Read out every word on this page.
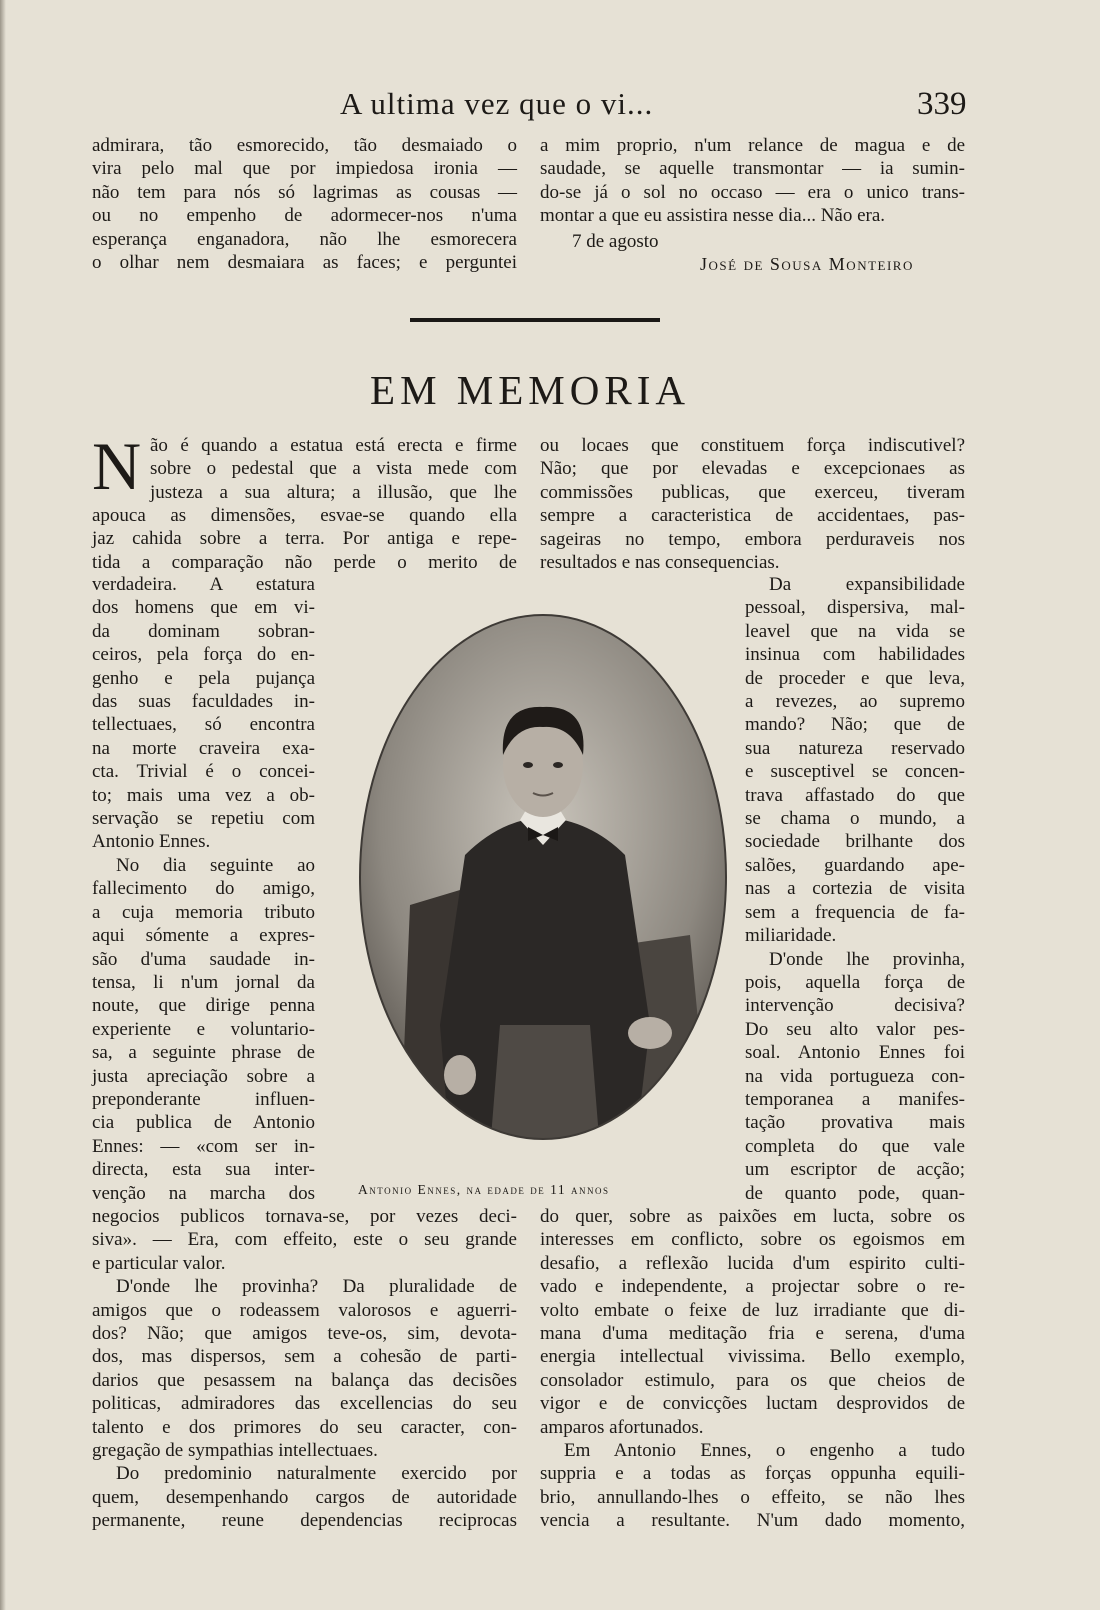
A ultima vez que o vi...	339
admirara, tão esmorecido, tão desmaiado o
vira pelo mal que por impiedosa ironia —
não tem para nós só lagrimas as cousas —
ou no empenho de adormecer-nos n'uma
esperança enganadora, não lhe esmorecera
o olhar nem desmaiara as faces; e perguntei
a mim proprio, n'um relance de magua e de
saudade, se aquelle transmontar — ia sumin-
do-se já o sol no occaso — era o unico trans-
montar a que eu assistira nesse dia... Não era.
7 de agosto
José de Sousa Monteiro
EM MEMORIA
N ão é quando a estatua está erecta e firme
sobre o pedestal que a vista mede com
justeza a sua altura; a illusão, que lhe
apouca as dimensões, esvae-se quando ella
jaz cahida sobre a terra. Por antiga e repe-
tida a comparação não perde o merito de
verdadeira. A estatura
dos homens que em vi-
da dominam sobran-
ceiros, pela força do en-
genho e pela pujança
das suas faculdades in-
tellectuaes, só encontra
na morte craveira exa-
cta. Trivial é o concei-
to; mais uma vez a ob-
servação se repetiu com
Antonio Ennes.
No dia seguinte ao
fallecimento do amigo,
a cuja memoria tributo
aqui sómente a expres-
são d'uma saudade in-
tensa, li n'um jornal da
noute, que dirige penna
experiente e voluntario-
sa, a seguinte phrase de
justa apreciação sobre a
preponderante influen-
cia publica de Antonio
Ennes: — «com ser in-
directa, esta sua inter-
venção na marcha dos
negocios publicos tornava-se, por vezes deci-
siva». — Era, com effeito, este o seu grande
e particular valor.
D'onde lhe provinha? Da pluralidade de
amigos que o rodeassem valorosos e aguerri-
dos? Não; que amigos teve-os, sim, devota-
dos, mas dispersos, sem a cohesão de parti-
darios que pesassem na balança das decisões
politicas, admiradores das excellencias do seu
talento e dos primores do seu caracter, con-
gregação de sympathias intellectuaes.
Do predominio naturalmente exercido por
quem, desempenhando cargos de autoridade
permanente, reune dependencias reciprocas
ou locaes que constituem força indiscutivel?
Não; que por elevadas e excepcionaes as
commissões publicas, que exerceu, tiveram
sempre a caracteristica de accidentaes, pas-
sageiras no tempo, embora perduraveis nos
resultados e nas consequencias.
Da expansibilidade
pessoal, dispersiva, mal-
leavel que na vida se
insinua com habilidades
de proceder e que leva,
a revezes, ao supremo
mando? Não; que de
sua natureza reservado
e susceptivel se concen-
trava affastado do que
se chama o mundo, a
sociedade brilhante dos
salões, guardando ape-
nas a cortezia de visita
sem a frequencia de fa-
miliaridade.
D'onde lhe provinha,
pois, aquella força de
intervenção decisiva?
Do seu alto valor pes-
soal. Antonio Ennes foi
na vida portugueza con-
temporanea a manifes-
tação provativa mais
completa do que vale
um escriptor de acção;
de quanto pode, quan-
do quer, sobre as paixões em lucta, sobre os
interesses em conflicto, sobre os egoismos em
desafio, a reflexão lucida d'um espirito culti-
vado e independente, a projectar sobre o re-
volto embate o feixe de luz irradiante que di-
mana d'uma meditação fria e serena, d'uma
energia intellectual vivissima. Bello exemplo,
consolador estimulo, para os que cheios de
vigor e de convicções luctam desprovidos de
amparos afortunados.
Em Antonio Ennes, o engenho a tudo
suppria e a todas as forças oppunha equili-
brio, annullando-lhes o effeito, se não lhes
vencia a resultante. N'um dado momento,
Antonio Ennes, na edade de 11 annos
